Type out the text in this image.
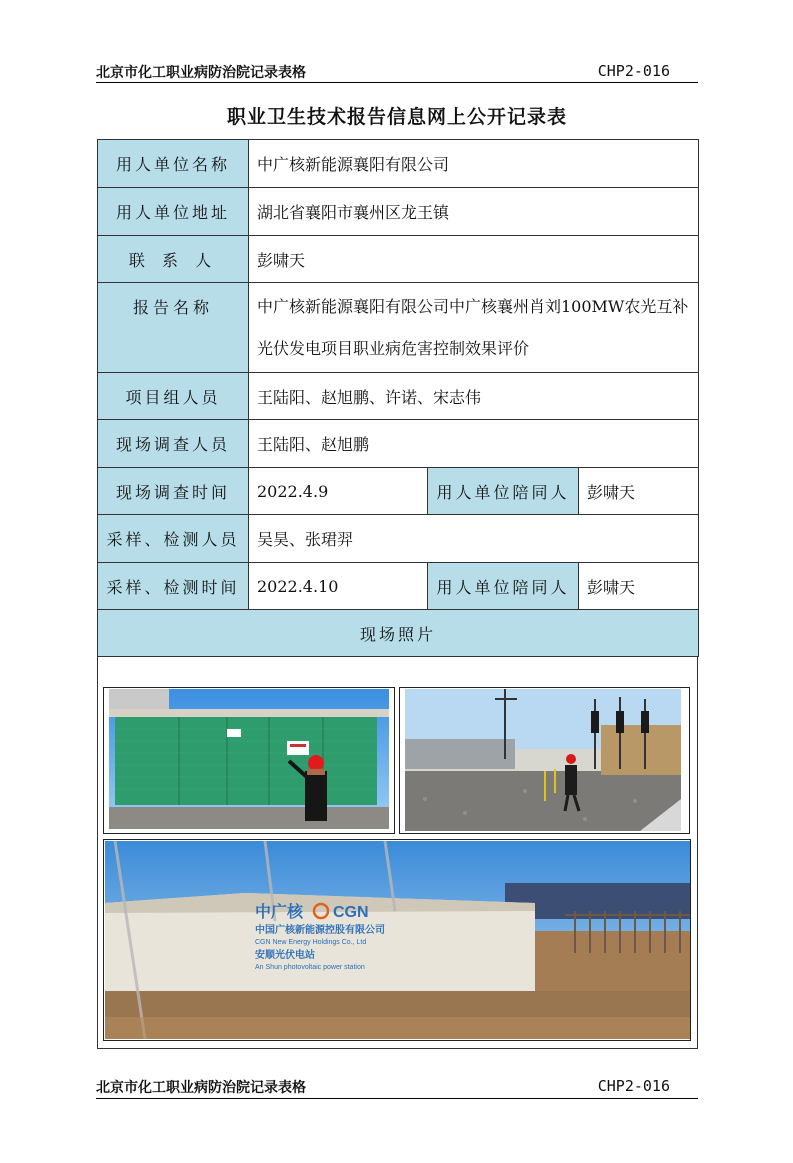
北京市化工职业病防治院记录表格	CHP2-016
职业卫生技术报告信息网上公开记录表
用人单位名称	中广核新能源襄阳有限公司		
用人单位地址	湖北省襄阳市襄州区龙王镇		
联 系 人	彭啸天		
报告名称	中广核新能源襄阳有限公司中广核襄州肖刘100MW农光互补光伏发电项目职业病危害控制效果评价		
项目组人员	王陆阳、赵旭鹏、许诺、宋志伟		
现场调查人员	王陆阳、赵旭鹏		
现场调查时间	2022.4.9	用人单位陪同人	彭啸天
采样、检测人员	吴昊、张珺羿		
采样、检测时间	2022.4.10	用人单位陪同人	彭啸天
现场照片			
中广核 CGN
中国广核新能源控股有限公司
CGN New Energy Holdings Co., Ltd
安顺光伏电站
An Shun photovoltaic power station
北京市化工职业病防治院记录表格	CHP2-016
